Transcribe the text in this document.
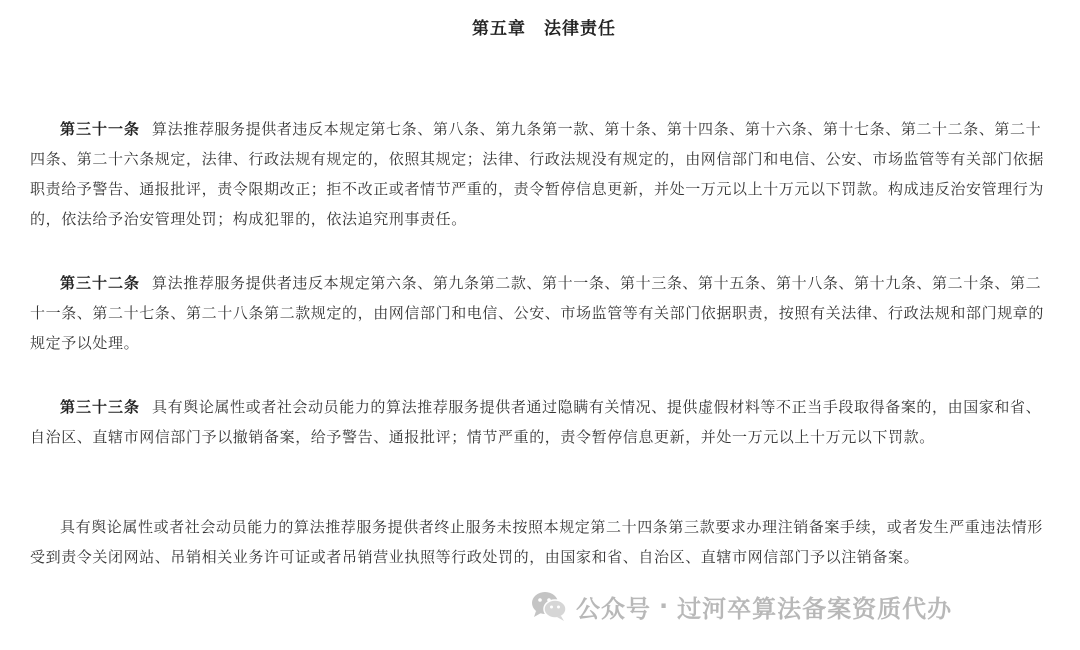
第五章　法律责任
第三十一条 算法推荐服务提供者违反本规定第七条、第八条、第九条第一款、第十条、第十四条、第十六条、第十七条、第二十二条、第二十四条、第二十六条规定，法律、行政法规有规定的，依照其规定；法律、行政法规没有规定的，由网信部门和电信、公安、市场监管等有关部门依据职责给予警告、通报批评，责令限期改正；拒不改正或者情节严重的，责令暂停信息更新，并处一万元以上十万元以下罚款。构成违反治安管理行为的，依法给予治安管理处罚；构成犯罪的，依法追究刑事责任。
第三十二条 算法推荐服务提供者违反本规定第六条、第九条第二款、第十一条、第十三条、第十五条、第十八条、第十九条、第二十条、第二十一条、第二十七条、第二十八条第二款规定的，由网信部门和电信、公安、市场监管等有关部门依据职责，按照有关法律、行政法规和部门规章的规定予以处理。
第三十三条 具有舆论属性或者社会动员能力的算法推荐服务提供者通过隐瞒有关情况、提供虚假材料等不正当手段取得备案的，由国家和省、自治区、直辖市网信部门予以撤销备案，给予警告、通报批评；情节严重的，责令暂停信息更新，并处一万元以上十万元以下罚款。
具有舆论属性或者社会动员能力的算法推荐服务提供者终止服务未按照本规定第二十四条第三款要求办理注销备案手续，或者发生严重违法情形受到责令关闭网站、吊销相关业务许可证或者吊销营业执照等行政处罚的，由国家和省、自治区、直辖市网信部门予以注销备案。
公众号 · 过河卒算法备案资质代办
